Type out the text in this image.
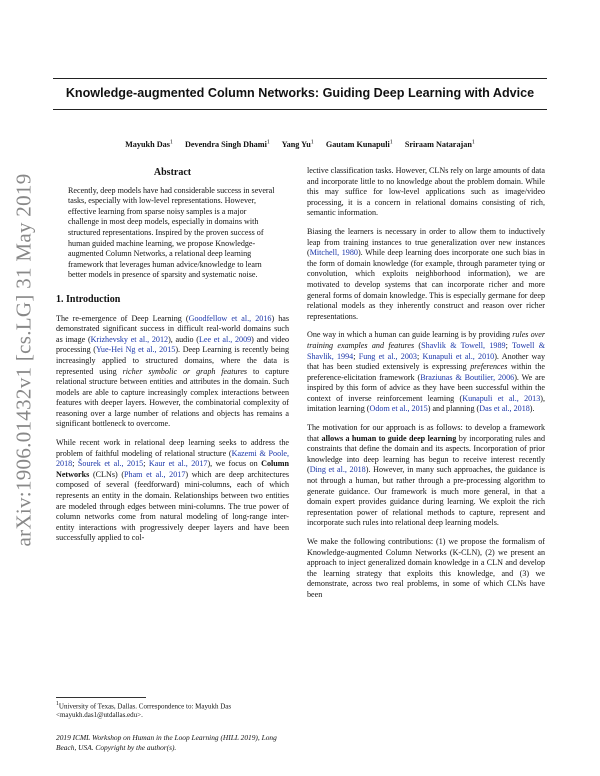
arXiv:1906.01432v1 [cs.LG] 31 May 2019
Knowledge-augmented Column Networks: Guiding Deep Learning with Advice
Mayukh Das$^1$ Devendra Singh Dhami$^1$ Yang Yu$^1$ Gautam Kunapuli$^1$ Sriraam Natarajan$^1$
Abstract
Recently, deep models have had considerable success in several tasks, especially with low-level representations. However, effective learning from sparse noisy samples is a major challenge in most deep models, especially in domains with structured representations. Inspired by the proven success of human guided machine learning, we propose Knowledge-augmented Column Networks, a relational deep learning framework that leverages human advice/knowledge to learn better models in presence of sparsity and systematic noise.
1. Introduction

The re-emergence of Deep Learning (Goodfellow et al., 2016) has demonstrated significant success in difficult real-world domains such as image (Krizhevsky et al., 2012), audio (Lee et al., 2009) and video processing (Yue-Hei Ng et al., 2015). Deep Learning is recently being increasingly applied to structured domains, where the data is represented using richer symbolic or graph features to capture relational structure between entities and attributes in the domain. Such models are able to capture increasingly complex interactions between features with deeper layers. However, the combinatorial complexity of reasoning over a large number of relations and objects has remains a significant bottleneck to overcome.

While recent work in relational deep learning seeks to address the problem of faithful modeling of relational structure (Kazemi & Poole, 2018; Šourek et al., 2015; Kaur et al., 2017), we focus on Column Networks (CLNs) (Pham et al., 2017) which are deep architectures composed of several (feedforward) mini-columns, each of which represents an entity in the domain. Relationships between two entities are modeled through edges between mini-columns. The true power of column networks come from natural modeling of long-range inter-entity interactions with progressively deeper layers and have been successfully applied to col-

$^1$University of Texas, Dallas. Correspondence to: Mayukh Das <mayukh.das1@utdallas.edu>.
2019 ICML Workshop on Human in the Loop Learning (HILL 2019), Long Beach, USA. Copyright by the author(s).

lective classification tasks. However, CLNs rely on large amounts of data and incorporate little to no knowledge about the problem domain. While this may suffice for low-level applications such as image/video processing, it is a concern in relational domains consisting of rich, semantic information.

Biasing the learners is necessary in order to allow them to inductively leap from training instances to true generalization over new instances (Mitchell, 1980). While deep learning does incorporate one such bias in the form of domain knowledge (for example, through parameter tying or convolution, which exploits neighborhood information), we are motivated to develop systems that can incorporate richer and more general forms of domain knowledge. This is especially germane for deep relational models as they inherently construct and reason over richer representations.

One way in which a human can guide learning is by providing rules over training examples and features (Shavlik & Towell, 1989; Towell & Shavlik, 1994; Fung et al., 2003; Kunapuli et al., 2010). Another way that has been studied extensively is expressing preferences within the preference-elicitation framework (Braziunas & Boutilier, 2006). We are inspired by this form of advice as they have been successful within the context of inverse reinforcement learning (Kunapuli et al., 2013), imitation learning (Odom et al., 2015) and planning (Das et al., 2018).

The motivation for our approach is as follows: to develop a framework that allows a human to guide deep learning by incorporating rules and constraints that define the domain and its aspects. Incorporation of prior knowledge into deep learning has begun to receive interest recently (Ding et al., 2018). However, in many such approaches, the guidance is not through a human, but rather through a pre-processing algorithm to generate guidance. Our framework is much more general, in that a domain expert provides guidance during learning. We exploit the rich representation power of relational methods to capture, represent and incorporate such rules into relational deep learning models.

We make the following contributions: (1) we propose the formalism of Knowledge-augmented Column Networks (K-CLN), (2) we present an approach to inject generalized domain knowledge in a CLN and develop the learning strategy that exploits this knowledge, and (3) we demonstrate, across two real problems, in some of which CLNs have been
